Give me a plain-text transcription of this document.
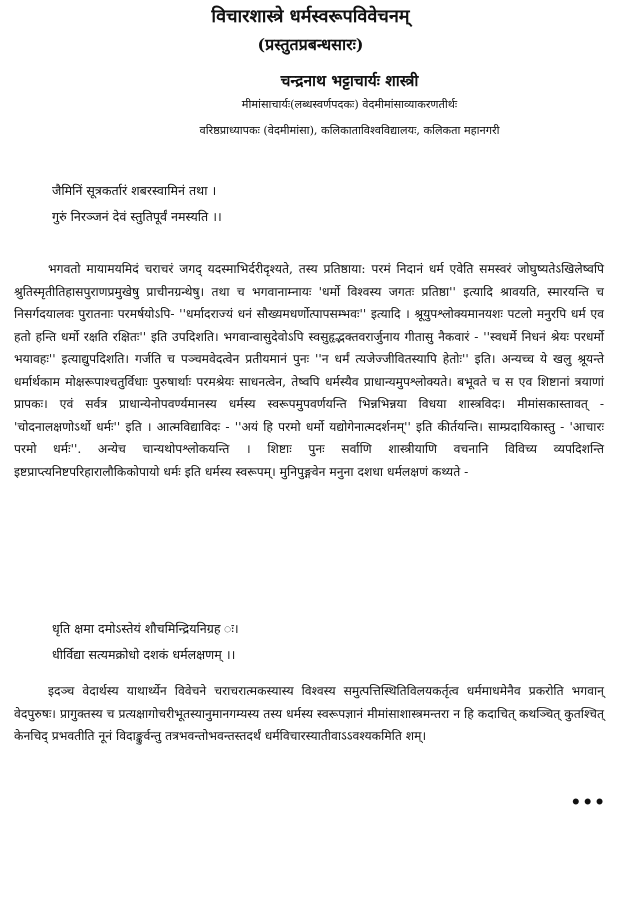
विचारशास्त्रे धर्मस्वरूपविवेचनम्
(प्रस्तुतप्रबन्धसारः)
चन्द्रनाथ भट्टाचार्यः शास्त्री
मीमांसाचार्यः(लब्धस्वर्णपदकः) वेदमीमांसाव्याकरणतीर्थः
वरिष्ठप्राध्यापकः (वेदमीमांसा), कलिकाताविश्वविद्यालयः, कलिकता महानगरी
जैमिनिं सूत्रकर्तारं शबरस्वामिनं तथा ।
गुरुं निरञ्जनं देवं स्तुतिपूर्वं नमस्यति ।।

भगवतो मायामयमिदं चराचरं जगद् यदस्माभिर्दरीदृश्यते, तस्य प्रतिष्ठाया: परमं निदानं धर्म एवेति समस्वरं जोघुष्यतेऽखिलेष्वपि श्रुतिस्मृतीतिहासपुराणप्रमुखेषु प्राचीनग्रन्थेषु। तथा च भगवानाम्नायः 'धर्मो विश्वस्य जगतः प्रतिष्ठा'' इत्यादि श्रावयति, स्मारयन्ति च निसर्गदयालवः पुरातनाः परमर्षयोऽपि- ''धर्मादराज्यं धनं सौख्यमधर्णोत्पापसम्भवः'' इत्यादि । श्रूयुपश्लोक्यमानयशः पटलो मनुरपि धर्म एव हतो हन्ति धर्मो रक्षति रक्षितः'' इति उपदिशति। भगवान्वासुदेवोऽपि स्वसुहृद्भक्तवरार्जुनाय गीतासु नैकवारं - ''स्वधर्मे निधनं श्रेयः परधर्मो भयावहः'' इत्याद्युपदिशति। गर्जति च पञ्चमवेदत्वेन प्रतीयमानं पुनः ''न धर्मं त्यजेज्जीवितस्यापि हेतोः'' इति। अन्यच्च ये खलु श्रूयन्ते धर्मार्थकाम मोक्षरूपाश्चतुर्विधाः पुरुषार्थाः परमश्रेयः साधनत्वेन, तेष्वपि धर्मस्यैव प्राधान्यमुपश्लोक्यते। बभूवते च स एव शिष्टानां त्रयाणां प्रापकः। एवं सर्वत्र प्राधान्येनोपवर्ण्यमानस्य धर्मस्य स्वरूपमुपवर्णयन्ति भिन्नभिन्नया विधया शास्त्रविदः। मीमांसकास्तावत् - 'चोदनालक्षणोऽर्थो धर्मः'' इति । आत्मविद्याविदः - ''अयं हि परमो धर्मो यद्योगेनात्मदर्शनम्'' इति कीर्तयन्ति। साम्प्रदायिकास्तु - 'आचारः परमो धर्मः''. अन्येच चान्यथोपश्लोकयन्ति । शिष्टाः पुनः सर्वाणि शास्त्रीयाणि वचनानि विविच्य व्यपदिशन्ति इष्टप्राप्त्यनिष्टपरिहारालौकिकोपायो धर्मः इति धर्मस्य स्वरूपम्। मुनिपुङ्गवेन मनुना दशधा धर्मलक्षणं कथ्यते -

धृति क्षमा दमोऽस्तेयं शौचमिन्द्रियनिग्रह ः।
धीर्विद्या सत्यमक्रोधो दशकं धर्मलक्षणम् ।।

इदञ्च वेदार्थस्य याथार्थ्येन विवेचने चराचरात्मकस्यास्य विश्वस्य समुत्पत्तिस्थितिविलयकर्तृत्व धर्ममाधमेनैव प्रकरोति भगवान् वेदपुरुषः। प्रागुक्तस्य च प्रत्यक्षागोचरीभूतस्यानुमानगम्यस्य तस्य धर्मस्य स्वरूपज्ञानं मीमांसाशास्त्रमन्तरा न हि कदाचित् कथञ्चित् कुतश्चित् केनचिद् प्रभवतीति नूनं विदाङ्कुर्वन्तु तत्रभवन्तोभवन्तस्तदर्थं धर्मविचारस्यातीवाऽऽवश्यकमिति शम्।

•••
